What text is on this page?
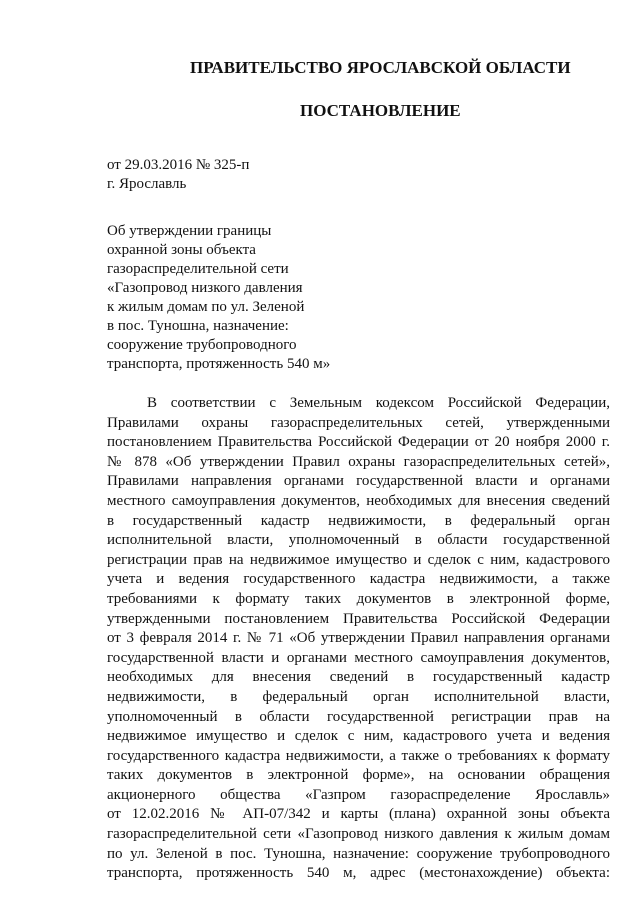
ПРАВИТЕЛЬСТВО ЯРОСЛАВСКОЙ ОБЛАСТИ
ПОСТАНОВЛЕНИЕ
от 29.03.2016 № 325-п
г. Ярославль
Об утверждении границы
охранной зоны объекта
газораспределительной сети
«Газопровод низкого давления
к жилым домам по ул. Зеленой
в пос. Туношна, назначение:
сооружение трубопроводного
транспорта, протяженность 540 м»
В соответствии с Земельным кодексом Российской Федерации,
Правилами охраны газораспределительных сетей, утвержденными
постановлением Правительства Российской Федерации от 20 ноября 2000 г.
№ 878 «Об утверждении Правил охраны газораспределительных сетей»,
Правилами направления органами государственной власти и органами
местного самоуправления документов, необходимых для внесения сведений
в государственный кадастр недвижимости, в федеральный орган
исполнительной власти, уполномоченный в области государственной
регистрации прав на недвижимое имущество и сделок с ним, кадастрового
учета и ведения государственного кадастра недвижимости, а также
требованиями к формату таких документов в электронной форме,
утвержденными постановлением Правительства Российской Федерации
от 3 февраля 2014 г. № 71 «Об утверждении Правил направления органами
государственной власти и органами местного самоуправления документов,
необходимых для внесения сведений в государственный кадастр
недвижимости, в федеральный орган исполнительной власти,
уполномоченный в области государственной регистрации прав на
недвижимое имущество и сделок с ним, кадастрового учета и ведения
государственного кадастра недвижимости, а также о требованиях к формату
таких документов в электронной форме», на основании обращения
акционерного общества «Газпром газораспределение Ярославль»
от 12.02.2016 № АП-07/342 и карты (плана) охранной зоны объекта
газораспределительной сети «Газопровод низкого давления к жилым домам
по ул. Зеленой в пос. Туношна, назначение: сооружение трубопроводного
транспорта, протяженность 540 м, адрес (местонахождение) объекта:
